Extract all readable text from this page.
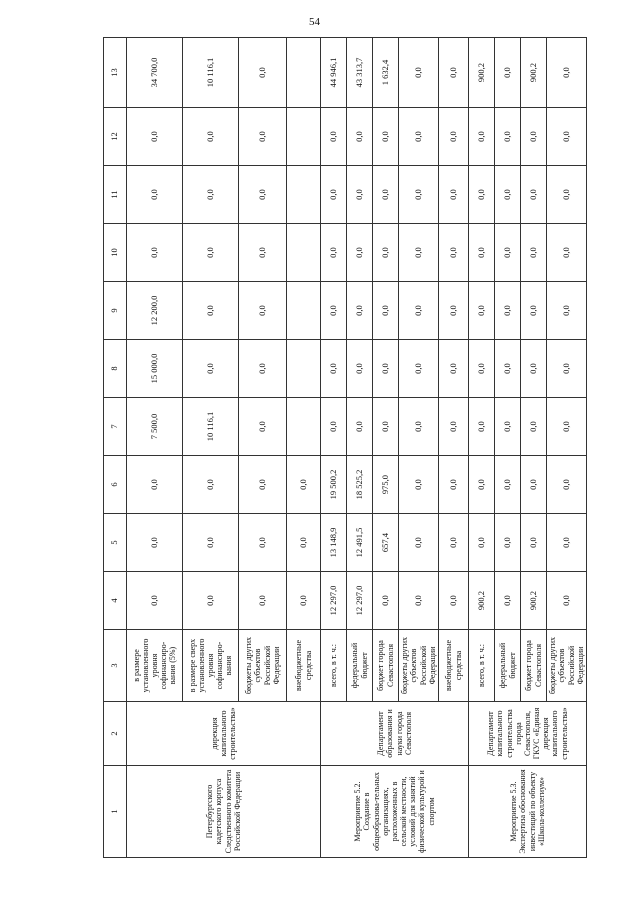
54
1	2	3	4	5	6	7	8	9	10	11	12	13
Петербургского кадетского корпуса Следственного комитета Российской Федерации	дирекция капитального строительства»	в размере установленного уровня софинансиро-вания (5%)	0,0	0,0	0,0	7 500,0	15 000,0	12 200,0	0,0	0,0	0,0	34 700,0
		в размере сверх установленного уровня софинансиро-вания	0,0	0,0	0,0	10 116,1	0,0	0,0	0,0	0,0	0,0	10 116,1
		бюджеты других субъектов Российской Федерации	0,0	0,0	0,0	0,0	0,0	0,0	0,0	0,0	0,0	0,0
		внебюджетные средства	0,0	0,0	0,0							
Мероприятие 5.2. Создание в общеобразова-тельных организациях, расположенных в сельской местности, условий для занятий физической культурой и спортом	Департамент образования и науки города Севастополя	всего, в т. ч.:	12 297,0	13 148,9	19 500,2	0,0	0,0	0,0	0,0	0,0	0,0	44 946,1
		федеральный бюджет	12 297,0	12 491,5	18 525,2	0,0	0,0	0,0	0,0	0,0	0,0	43 313,7
		бюджет города Севастополя	0,0	657,4	975,0	0,0	0,0	0,0	0,0	0,0	0,0	1 632,4
		бюджеты других субъектов Российской Федерации	0,0	0,0	0,0	0,0	0,0	0,0	0,0	0,0	0,0	0,0
		внебюджетные средства	0,0	0,0	0,0	0,0	0,0	0,0	0,0	0,0	0,0	0,0
Мероприятие 5.3. Экспертиза обоснования инвестиций по объекту «Школа-коллегиум»	Департамент капитального строительства города Севастополя, ГКУС «Единая дирекция капитального строительства»	всего, в т. ч.:	900,2	0,0	0,0	0,0	0,0	0,0	0,0	0,0	0,0	900,2
		федеральный бюджет	0,0	0,0	0,0	0,0	0,0	0,0	0,0	0,0	0,0	0,0
		бюджет города Севастополя	900,2	0,0	0,0	0,0	0,0	0,0	0,0	0,0	0,0	900,2
		бюджеты других субъектов Российской Федерации	0,0	0,0	0,0	0,0	0,0	0,0	0,0	0,0	0,0	0,0
